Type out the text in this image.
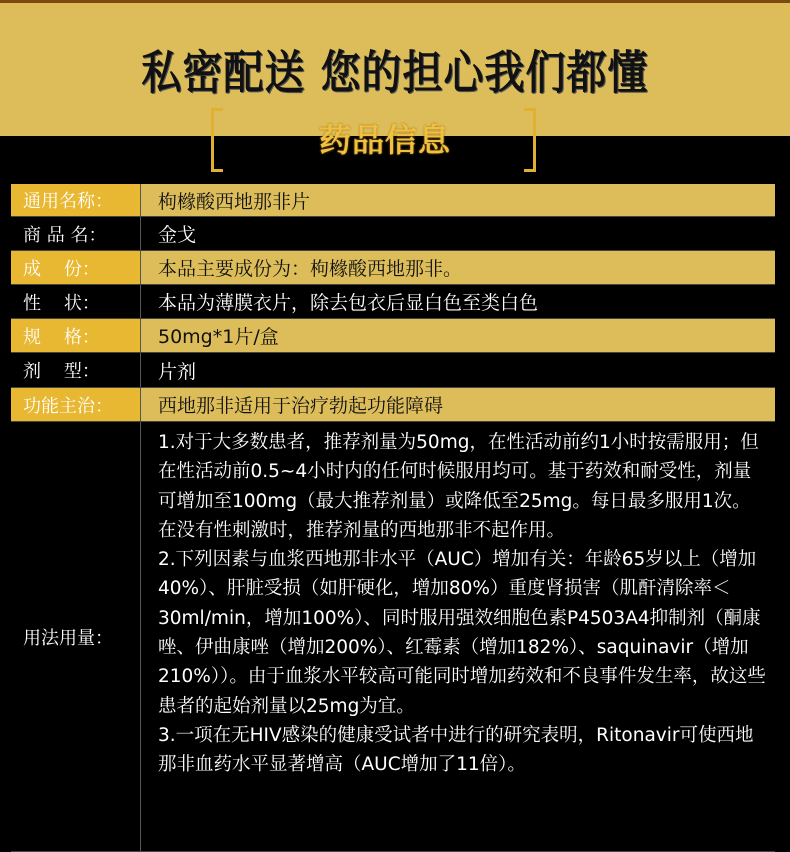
私密配送 您的担心我们都懂
药品信息
通用名称：	枸橼酸西地那非片
商 品 名：	金戈
成    份：	本品主要成份为：枸橼酸西地那非。
性    状：	本品为薄膜衣片，除去包衣后显白色至类白色
规    格：	50mg*1片/盒
剂    型：	片剂
功能主治：	西地那非适用于治疗勃起功能障碍
用法用量：

1.对于大多数患者，推荐剂量为50mg，在性活动前约1小时按需服用；但在性活动前0.5~4小时内的任何时候服用均可。基于药效和耐受性，剂量可增加至100mg（最大推荐剂量）或降低至25mg。每日最多服用1次。在没有性刺激时，推荐剂量的西地那非不起作用。

2.下列因素与血浆西地那非水平（AUC）增加有关：年龄65岁以上（增加40%）、肝脏受损（如肝硬化，增加80%）重度肾损害（肌酐清除率＜30ml/min，增加100%）、同时服用强效细胞色素P4503A4抑制剂（酮康唑、伊曲康唑（增加200%）、红霉素（增加182%）、saquinavir（增加210%））。由于血浆水平较高可能同时增加药效和不良事件发生率，故这些患者的起始剂量以25mg为宜。

3.一项在无HIV感染的健康受试者中进行的研究表明，Ritonavir可使西地那非血药水平显著增高（AUC增加了11倍）。
